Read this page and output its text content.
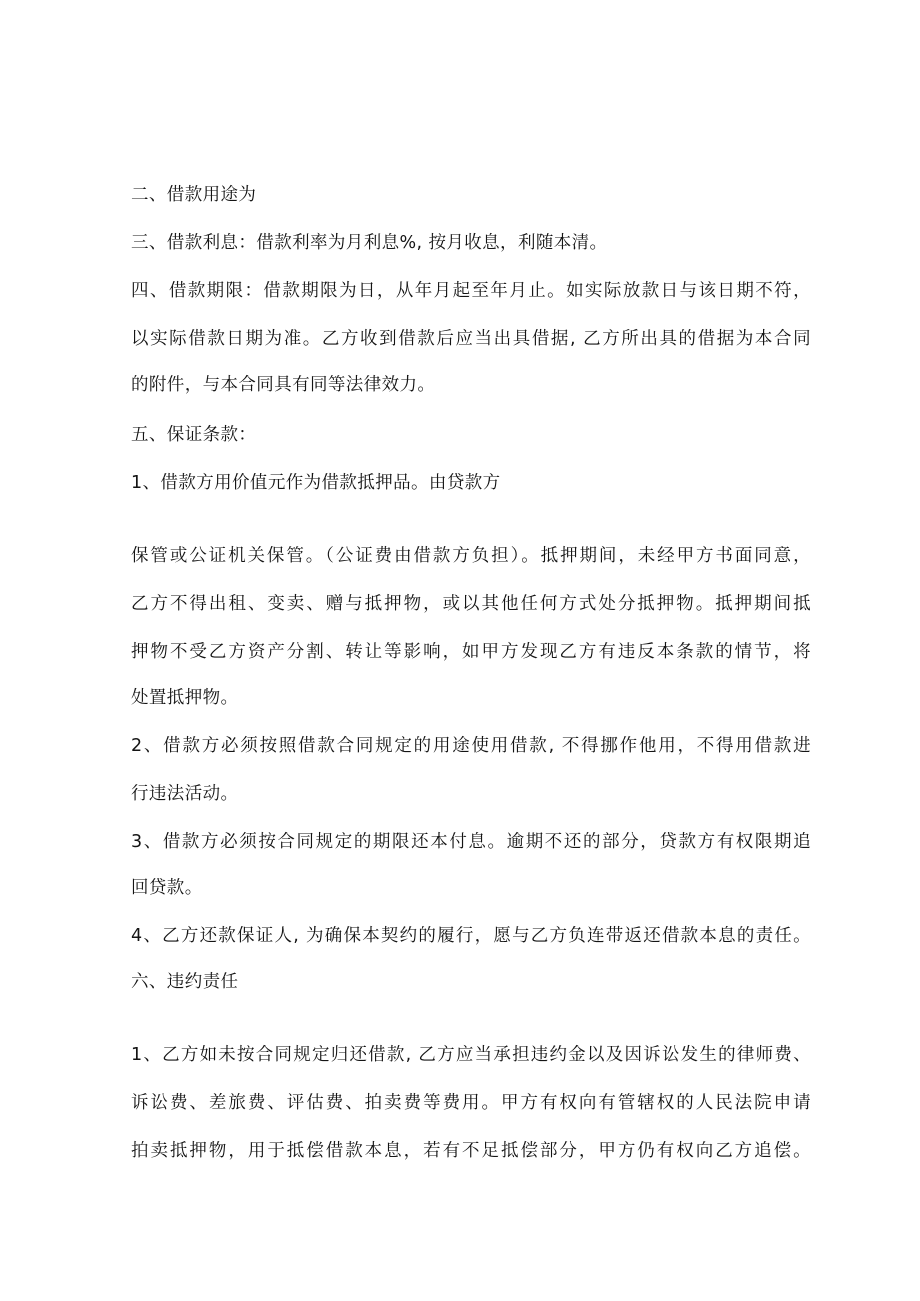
二、借款用途为

三、借款利息：借款利率为月利息%, 按月收息，利随本清。

四、借款期限：借款期限为日，从年月起至年月止。如实际放款日与该日期不符，

以实际借款日期为准。乙方收到借款后应当出具借据, 乙方所出具的借据为本合同

的附件，与本合同具有同等法律效力。

五、保证条款：

1、借款方用价值元作为借款抵押品。由贷款方

保管或公证机关保管。（公证费由借款方负担）。抵押期间，未经甲方书面同意，

乙方不得出租、变卖、赠与抵押物，或以其他任何方式处分抵押物。抵押期间抵

押物不受乙方资产分割、转让等影响，如甲方发现乙方有违反本条款的情节，将

处置抵押物。

2、借款方必须按照借款合同规定的用途使用借款, 不得挪作他用，不得用借款进

行违法活动。

3、借款方必须按合同规定的期限还本付息。逾期不还的部分，贷款方有权限期追

回贷款。

4、乙方还款保证人, 为确保本契约的履行，愿与乙方负连带返还借款本息的责任。

六、违约责任

1、乙方如未按合同规定归还借款, 乙方应当承担违约金以及因诉讼发生的律师费、

诉讼费、差旅费、评估费、拍卖费等费用。甲方有权向有管辖权的人民法院申请

拍卖抵押物，用于抵偿借款本息，若有不足抵偿部分，甲方仍有权向乙方追偿。
